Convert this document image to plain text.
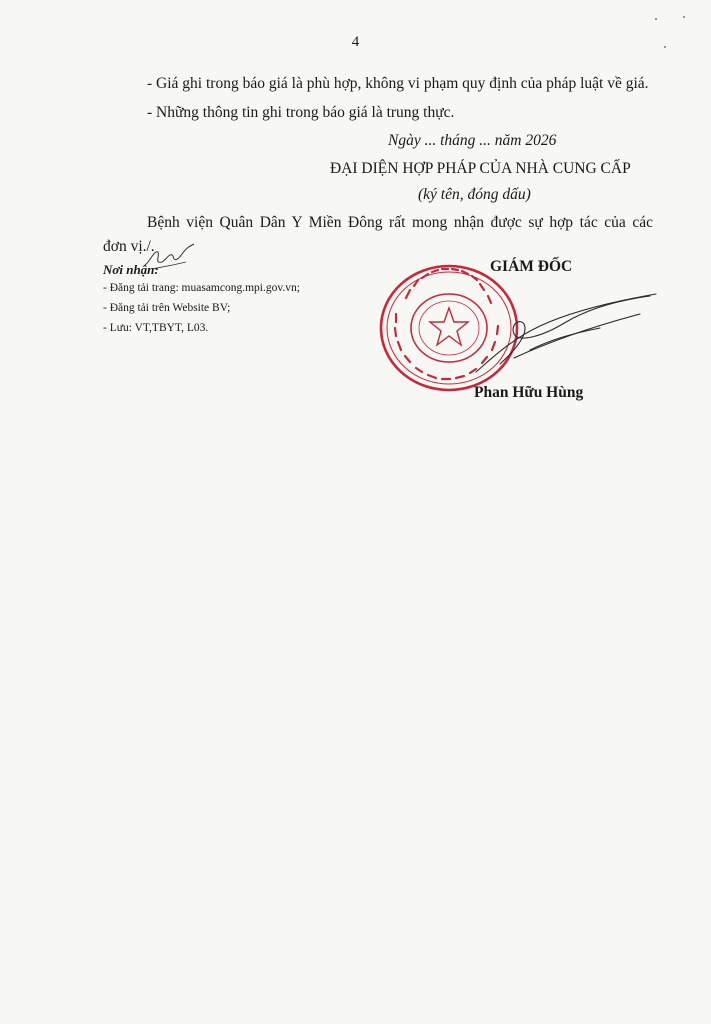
4
- Giá ghi trong báo giá là phù hợp, không vi phạm quy định của pháp luật về giá.
- Những thông tin ghi trong báo giá là trung thực.
Ngày ... tháng ... năm 2026
ĐẠI DIỆN HỢP PHÁP CỦA NHÀ CUNG CẤP
(ký tên, đóng dấu)
Bệnh viện Quân Dân Y Miền Đông rất mong nhận được sự hợp tác của các
đơn vị./.
Nơi nhận:
- Đăng tải trang: muasamcong.mpi.gov.vn;
- Đăng tải trên Website BV;
- Lưu: VT,TBYT, L03.
GIÁM ĐỐC
Phan Hữu Hùng
